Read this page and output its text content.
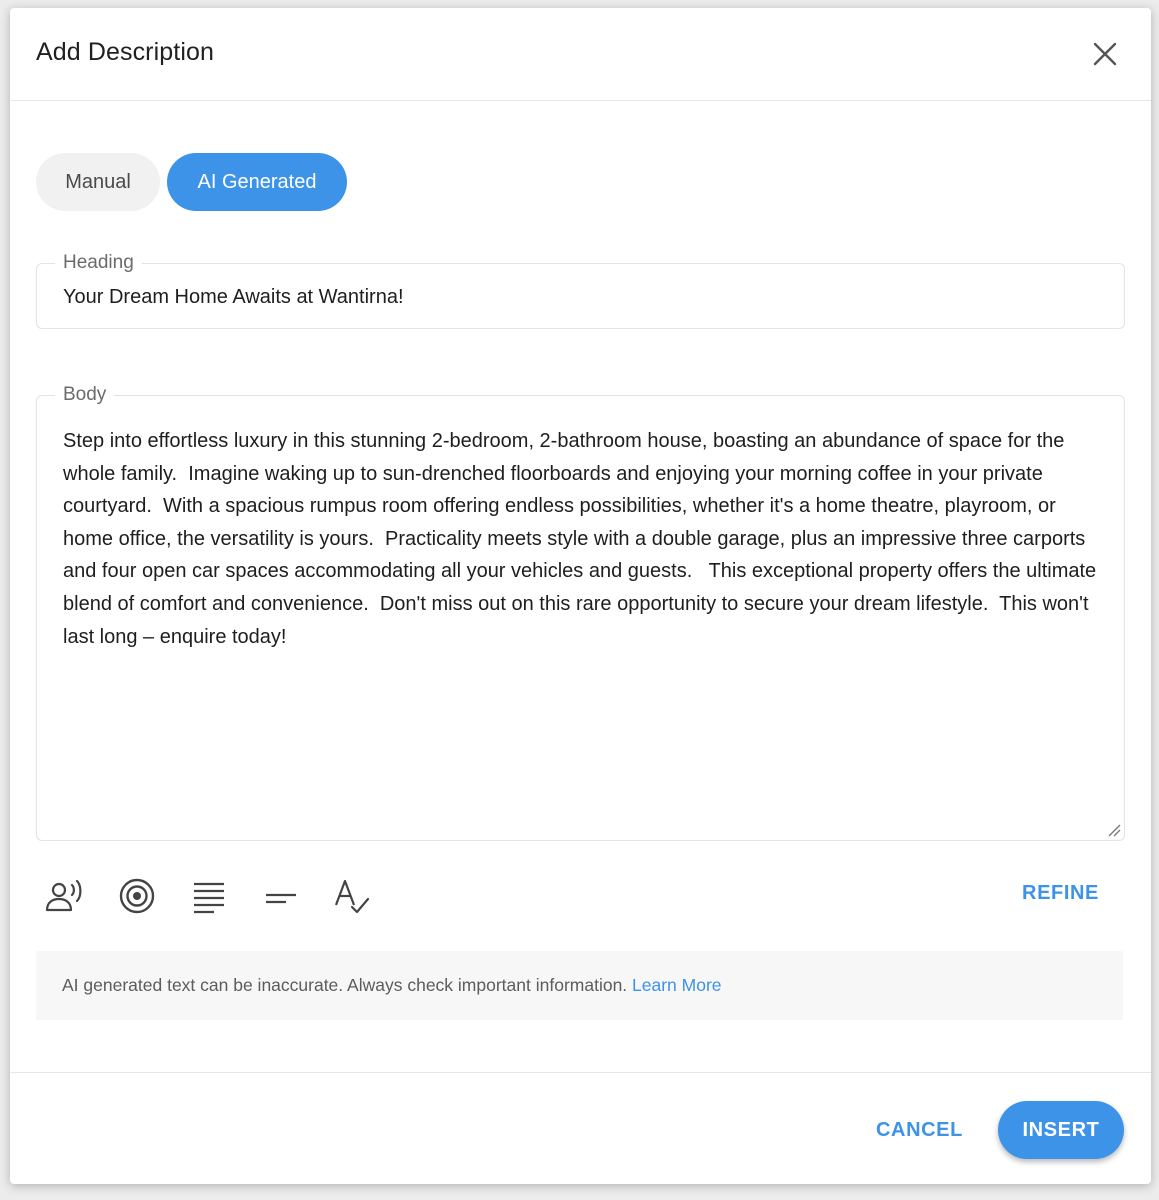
Add Description
Manual	AI Generated
Heading
Your Dream Home Awaits at Wantirna!
Body
Step into effortless luxury in this stunning 2-bedroom, 2-bathroom house, boasting an abundance of space for the whole family.  Imagine waking up to sun-drenched floorboards and enjoying your morning coffee in your private courtyard.  With a spacious rumpus room offering endless possibilities, whether it's a home theatre, playroom, or home office, the versatility is yours.  Practicality meets style with a double garage, plus an impressive three carports and four open car spaces accommodating all your vehicles and guests.   This exceptional property offers the ultimate blend of comfort and convenience.  Don't miss out on this rare opportunity to secure your dream lifestyle.  This won't last long – enquire today!
REFINE
AI generated text can be inaccurate. Always check important information. Learn More
CANCEL	INSERT
